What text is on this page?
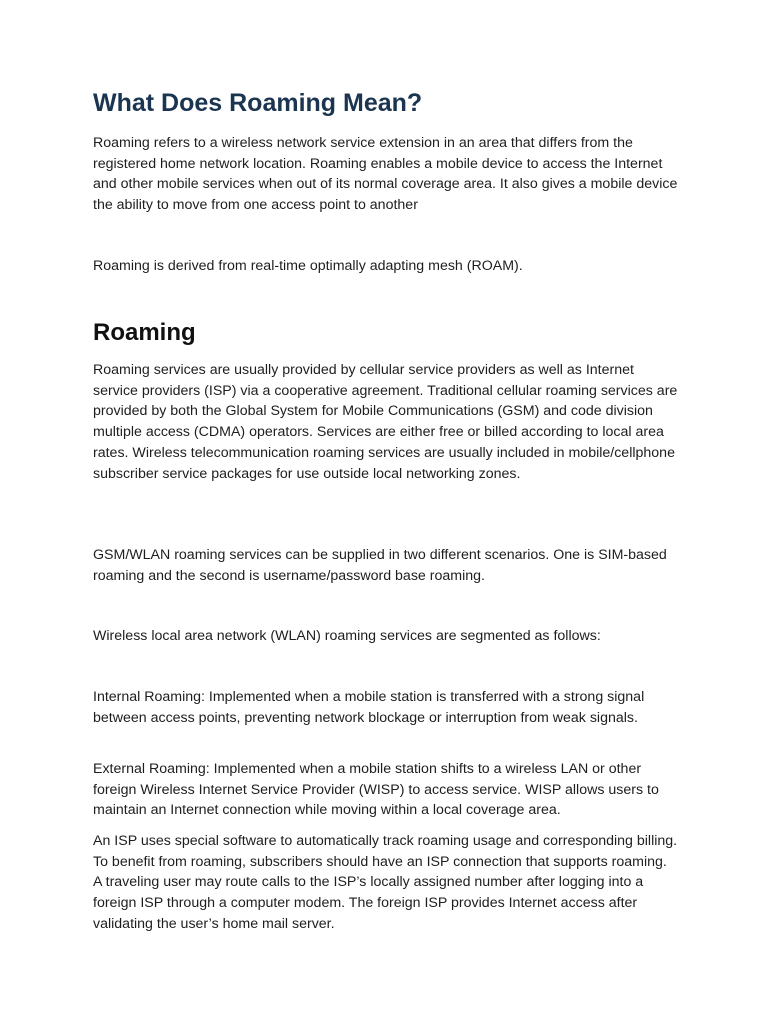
What Does Roaming Mean?

Roaming refers to a wireless network service extension in an area that differs from the registered home network location. Roaming enables a mobile device to access the Internet and other mobile services when out of its normal coverage area. It also gives a mobile device the ability to move from one access point to another

Roaming is derived from real-time optimally adapting mesh (ROAM).

Roaming

Roaming services are usually provided by cellular service providers as well as Internet service providers (ISP) via a cooperative agreement. Traditional cellular roaming services are provided by both the Global System for Mobile Communications (GSM) and code division multiple access (CDMA) operators. Services are either free or billed according to local area rates. Wireless telecommunication roaming services are usually included in mobile/cellphone subscriber service packages for use outside local networking zones.

GSM/WLAN roaming services can be supplied in two different scenarios. One is SIM-based roaming and the second is username/password base roaming.

Wireless local area network (WLAN) roaming services are segmented as follows:

Internal Roaming: Implemented when a mobile station is transferred with a strong signal between access points, preventing network blockage or interruption from weak signals.

External Roaming: Implemented when a mobile station shifts to a wireless LAN or other foreign Wireless Internet Service Provider (WISP) to access service. WISP allows users to maintain an Internet connection while moving within a local coverage area.

An ISP uses special software to automatically track roaming usage and corresponding billing. To benefit from roaming, subscribers should have an ISP connection that supports roaming. A traveling user may route calls to the ISP’s locally assigned number after logging into a foreign ISP through a computer modem. The foreign ISP provides Internet access after validating the user’s home mail server.
